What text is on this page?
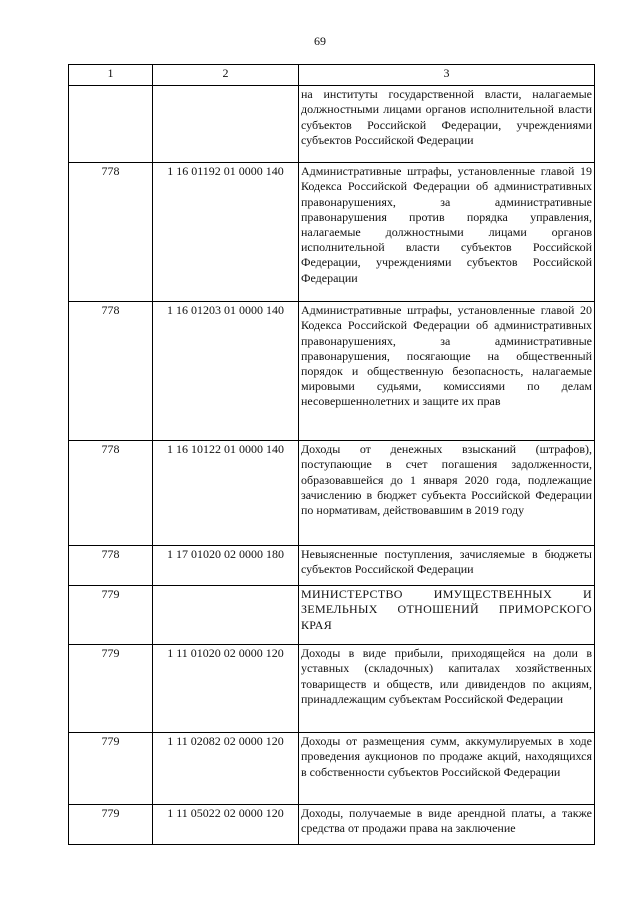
69
1	2	3
		на институты государственной власти, налагаемые должностными лицами органов исполнительной власти субъектов Российской Федерации, учреждениями субъектов Российской Федерации
778	1 16 01192 01 0000 140	Административные штрафы, установленные главой 19 Кодекса Российской Федерации об административных правонарушениях, за административные правонарушения против порядка управления, налагаемые должностными лицами органов исполнительной власти субъектов Российской Федерации, учреждениями субъектов Российской Федерации
778	1 16 01203 01 0000 140	Административные штрафы, установленные главой 20 Кодекса Российской Федерации об административных правонарушениях, за административные правонарушения, посягающие на общественный порядок и общественную безопасность, налагаемые мировыми судьями, комиссиями по делам несовершеннолетних и защите их прав
778	1 16 10122 01 0000 140	Доходы от денежных взысканий (штрафов), поступающие в счет погашения задолженности, образовавшейся до 1 января 2020 года, подлежащие зачислению в бюджет субъекта Российской Федерации по нормативам, действовавшим в 2019 году
778	1 17 01020 02 0000 180	Невыясненные поступления, зачисляемые в бюджеты субъектов Российской Федерации
779		МИНИСТЕРСТВО ИМУЩЕСТВЕННЫХ И ЗЕМЕЛЬНЫХ ОТНОШЕНИЙ ПРИМОРСКОГО КРАЯ
779	1 11 01020 02 0000 120	Доходы в виде прибыли, приходящейся на доли в уставных (складочных) капиталах хозяйственных товариществ и обществ, или дивидендов по акциям, принадлежащим субъектам Российской Федерации
779	1 11 02082 02 0000 120	Доходы от размещения сумм, аккумулируемых в ходе проведения аукционов по продаже акций, находящихся в собственности субъектов Российской Федерации
779	1 11 05022 02 0000 120	Доходы, получаемые в виде арендной платы, а также средства от продажи права на заключение
